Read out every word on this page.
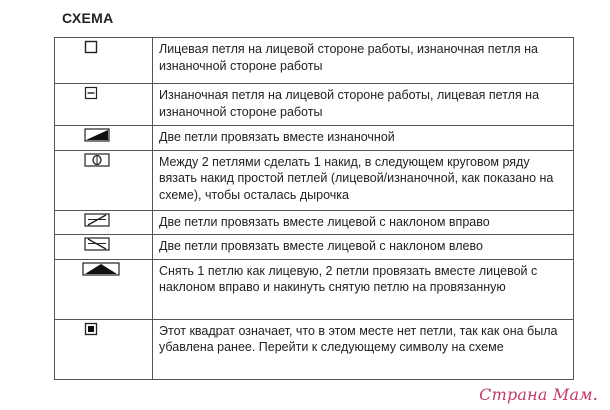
СХЕМА
	Лицевая петля на лицевой стороне работы, изнаночная петля на изнаночной стороне работы

	Изнаночная петля на лицевой стороне работы, лицевая петля на изнаночной стороне работы

	Две петли провязать вместе изнаночной

	Между 2 петлями сделать 1 накид, в следующем круговом ряду вязать накид простой петлей (лицевой/изнаночной, как показано на схеме), чтобы осталась дырочка

	Две петли провязать вместе лицевой с наклоном вправо

	Две петли провязать вместе лицевой с наклоном влево

	Снять 1 петлю как лицевую, 2 петли провязать вместе лицевой с наклоном вправо и накинуть снятую петлю на провязанную

	Этот квадрат означает, что в этом месте нет петли, так как она была убавлена ранее. Перейти к следующему символу на схеме
Страна Мам.
